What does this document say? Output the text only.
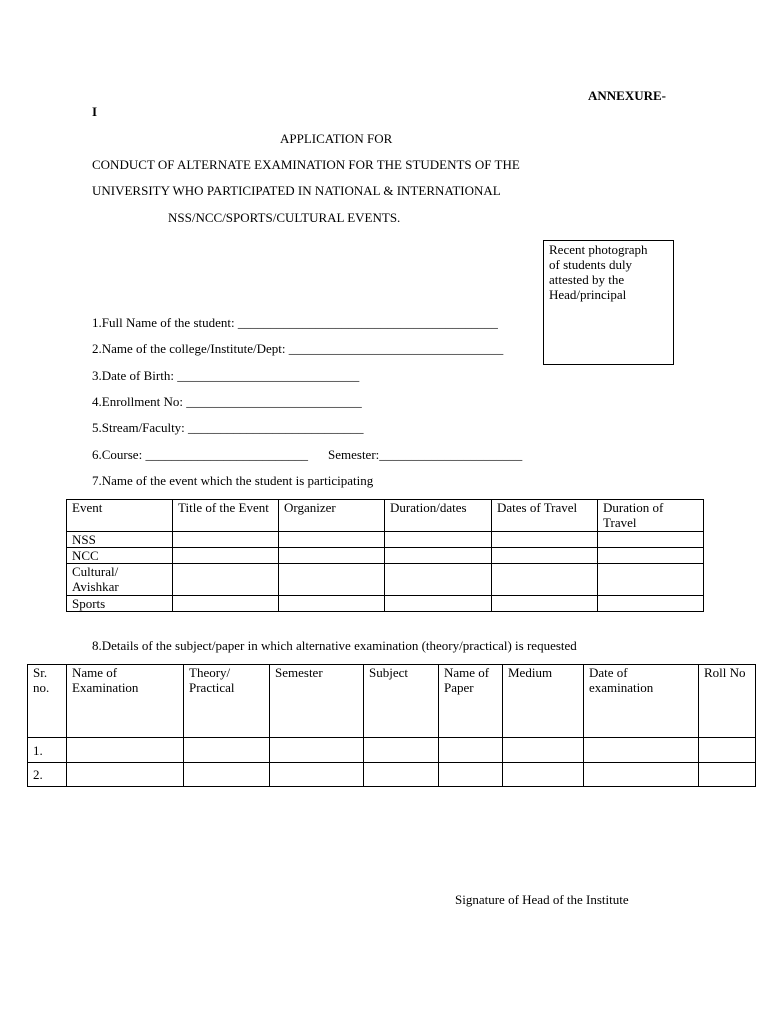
ANNEXURE-
I
APPLICATION FOR
CONDUCT OF ALTERNATE EXAMINATION FOR THE STUDENTS OF THE
UNIVERSITY WHO PARTICIPATED IN NATIONAL & INTERNATIONAL
NSS/NCC/SPORTS/CULTURAL EVENTS.
Recent photograph
of students duly
attested by the
Head/principal
1.Full Name of the student: ________________________________________
2.Name of the college/Institute/Dept: _________________________________
3.Date of Birth: ____________________________
4.Enrollment No: ___________________________
5.Stream/Faculty: ___________________________
6.Course: _________________________ Semester:______________________
7.Name of the event which the student is participating
Event	Title of the Event	Organizer	Duration/dates	Dates of Travel	Duration of Travel
NSS					
NCC					
Cultural/ Avishkar					
Sports					
8.Details of the subject/paper in which alternative examination (theory/practical) is requested
Sr. no.	Name of Examination	Theory/ Practical	Semester	Subject	Name of Paper	Medium	Date of examination	Roll No
1.								
2.								
Signature of Head of the Institute
